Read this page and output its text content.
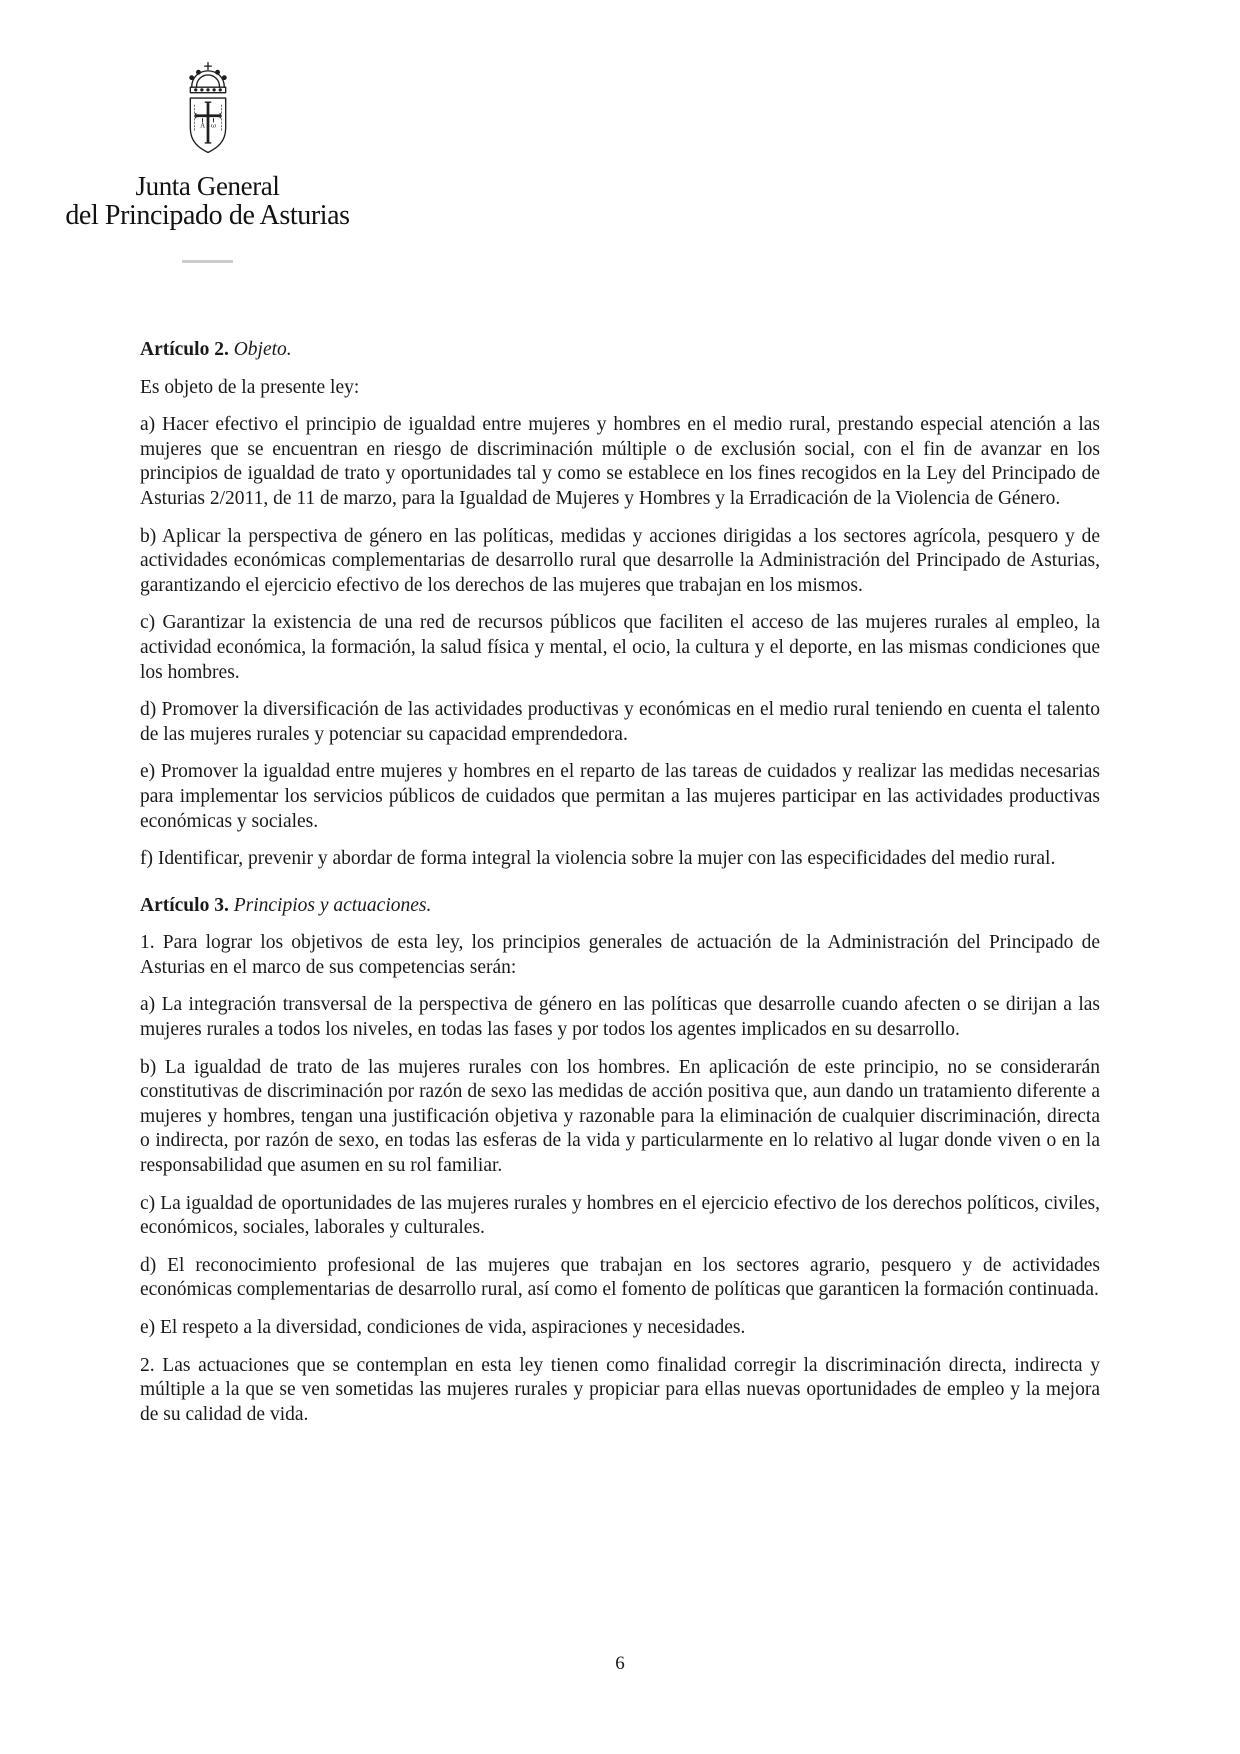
Α ω
Junta General
del Principado de Asturias
Artículo 2. Objeto.

Es objeto de la presente ley:

a) Hacer efectivo el principio de igualdad entre mujeres y hombres en el medio rural, prestando especial atención a las mujeres que se encuentran en riesgo de discriminación múltiple o de exclusión social, con el fin de avanzar en los principios de igualdad de trato y oportunidades tal y como se establece en los fines recogidos en la Ley del Principado de Asturias 2/2011, de 11 de marzo, para la Igualdad de Mujeres y Hombres y la Erradicación de la Violencia de Género.

b) Aplicar la perspectiva de género en las políticas, medidas y acciones dirigidas a los sectores agrícola, pesquero y de actividades económicas complementarias de desarrollo rural que desarrolle la Administración del Principado de Asturias, garantizando el ejercicio efectivo de los derechos de las mujeres que trabajan en los mismos.

c) Garantizar la existencia de una red de recursos públicos que faciliten el acceso de las mujeres rurales al empleo, la actividad económica, la formación, la salud física y mental, el ocio, la cultura y el deporte, en las mismas condiciones que los hombres.

d) Promover la diversificación de las actividades productivas y económicas en el medio rural teniendo en cuenta el talento de las mujeres rurales y potenciar su capacidad emprendedora.

e) Promover la igualdad entre mujeres y hombres en el reparto de las tareas de cuidados y realizar las medidas necesarias para implementar los servicios públicos de cuidados que permitan a las mujeres participar en las actividades productivas económicas y sociales.

f) Identificar, prevenir y abordar de forma integral la violencia sobre la mujer con las especificidades del medio rural.

Artículo 3. Principios y actuaciones.

1. Para lograr los objetivos de esta ley, los principios generales de actuación de la Administración del Principado de Asturias en el marco de sus competencias serán:

a) La integración transversal de la perspectiva de género en las políticas que desarrolle cuando afecten o se dirijan a las mujeres rurales a todos los niveles, en todas las fases y por todos los agentes implicados en su desarrollo.

b) La igualdad de trato de las mujeres rurales con los hombres. En aplicación de este principio, no se considerarán constitutivas de discriminación por razón de sexo las medidas de acción positiva que, aun dando un tratamiento diferente a mujeres y hombres, tengan una justificación objetiva y razonable para la eliminación de cualquier discriminación, directa o indirecta, por razón de sexo, en todas las esferas de la vida y particularmente en lo relativo al lugar donde viven o en la responsabilidad que asumen en su rol familiar.

c) La igualdad de oportunidades de las mujeres rurales y hombres en el ejercicio efectivo de los derechos políticos, civiles, económicos, sociales, laborales y culturales.

d) El reconocimiento profesional de las mujeres que trabajan en los sectores agrario, pesquero y de actividades económicas complementarias de desarrollo rural, así como el fomento de políticas que garanticen la formación continuada.

e) El respeto a la diversidad, condiciones de vida, aspiraciones y necesidades.

2. Las actuaciones que se contemplan en esta ley tienen como finalidad corregir la discriminación directa, indirecta y múltiple a la que se ven sometidas las mujeres rurales y propiciar para ellas nuevas oportunidades de empleo y la mejora de su calidad de vida.

6
